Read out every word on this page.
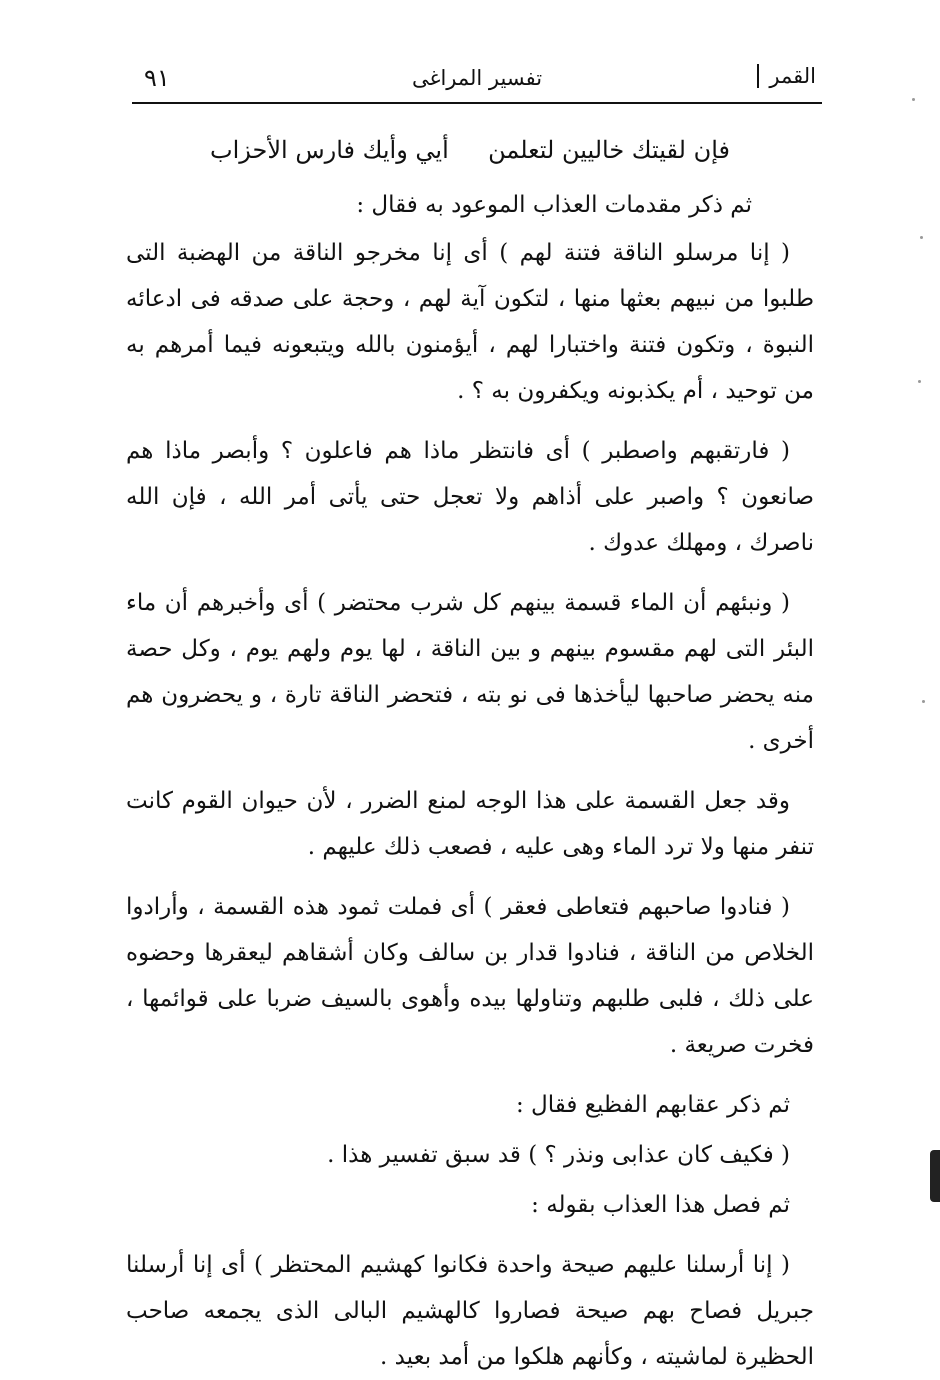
٩١	تفسير المراغى	القمر
فإن لقيتك خاليين لتعلمن
أيي وأيك فارس الأحزاب

ثم ذكر مقدمات العذاب الموعود به فقال :

( إنا مرسلو الناقة فتنة لهم ) أى إنا مخرجو الناقة من الهضبة التى طلبوا من نبيهم بعثها منها ، لتكون آية لهم ، وحجة على صدقه فى ادعائه النبوة ، وتكون فتنة واختبارا لهم ، أيؤمنون بالله ويتبعونه فيما أمرهم به من توحيد ، أم يكذبونه ويكفرون به ؟ .

( فارتقبهم واصطبر ) أى فانتظر ماذا هم فاعلون ؟ وأبصر ماذا هم صانعون ؟ واصبر على أذاهم ولا تعجل حتى يأتى أمر الله ، فإن الله ناصرك ، ومهلك عدوك .

( ونبئهم أن الماء قسمة بينهم كل شرب محتضر ) أى وأخبرهم أن ماء البئر التى لهم مقسوم بينهم و بين الناقة ، لها يوم ولهم يوم ، وكل حصة منه يحضر صاحبها ليأخذها فى نو بته ، فتحضر الناقة تارة ، و يحضرون هم أخرى .

وقد جعل القسمة على هذا الوجه لمنع الضرر ، لأن حيوان القوم كانت تنفر منها ولا ترد الماء وهى عليه ، فصعب ذلك عليهم .

( فنادوا صاحبهم فتعاطى فعقر ) أى فملت ثمود هذه القسمة ، وأرادوا الخلاص من الناقة ، فنادوا قدار بن سالف وكان أشقاهم ليعقرها وحضوه على ذلك ، فلبى طلبهم وتناولها بيده وأهوى بالسيف ضربا على قوائمها ، فخرت صريعة .

ثم ذكر عقابهم الفظيع فقال :

( فكيف كان عذابى ونذر ؟ ) قد سبق تفسير هذا .

ثم فصل هذا العذاب بقوله :

( إنا أرسلنا عليهم صيحة واحدة فكانوا كهشيم المحتظر ) أى إنا أرسلنا جبريل فصاح بهم صيحة فصاروا كالهشيم البالى الذى يجمعه صاحب الحظيرة لماشيته ، وكأنهم هلكوا من أمد بعيد .
